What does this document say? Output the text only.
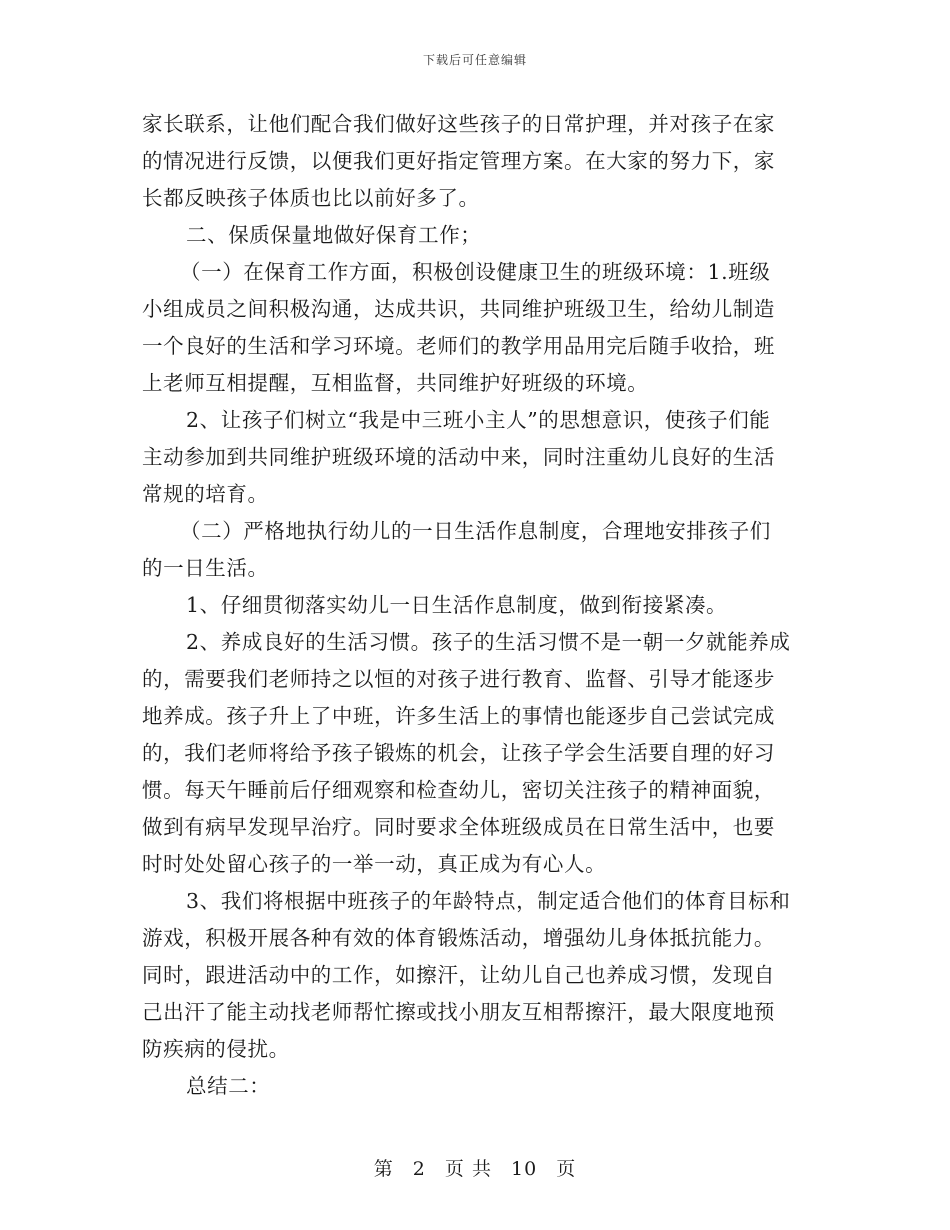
下载后可任意编辑
家长联系，让他们配合我们做好这些孩子的日常护理，并对孩子在家
的情况进行反馈，以便我们更好指定管理方案。在大家的努力下，家
长都反映孩子体质也比以前好多了。
二、保质保量地做好保育工作；
（一）在保育工作方面，积极创设健康卫生的班级环境：1.班级
小组成员之间积极沟通，达成共识，共同维护班级卫生，给幼儿制造
一个良好的生活和学习环境。老师们的教学用品用完后随手收拾，班
上老师互相提醒，互相监督，共同维护好班级的环境。
2、让孩子们树立“我是中三班小主人”的思想意识，使孩子们能
主动参加到共同维护班级环境的活动中来，同时注重幼儿良好的生活
常规的培育。
（二）严格地执行幼儿的一日生活作息制度，合理地安排孩子们
的一日生活。
1、仔细贯彻落实幼儿一日生活作息制度，做到衔接紧凑。
2、养成良好的生活习惯。孩子的生活习惯不是一朝一夕就能养成
的，需要我们老师持之以恒的对孩子进行教育、监督、引导才能逐步
地养成。孩子升上了中班，许多生活上的事情也能逐步自己尝试完成
的，我们老师将给予孩子锻炼的机会，让孩子学会生活要自理的好习
惯。每天午睡前后仔细观察和检查幼儿，密切关注孩子的精神面貌，
做到有病早发现早治疗。同时要求全体班级成员在日常生活中，也要
时时处处留心孩子的一举一动，真正成为有心人。
3、我们将根据中班孩子的年龄特点，制定适合他们的体育目标和
游戏，积极开展各种有效的体育锻炼活动，增强幼儿身体抵抗能力。
同时，跟进活动中的工作，如擦汗，让幼儿自己也养成习惯，发现自
己出汗了能主动找老师帮忙擦或找小朋友互相帮擦汗，最大限度地预
防疾病的侵扰。
总结二：
第 2 页 共 10 页
